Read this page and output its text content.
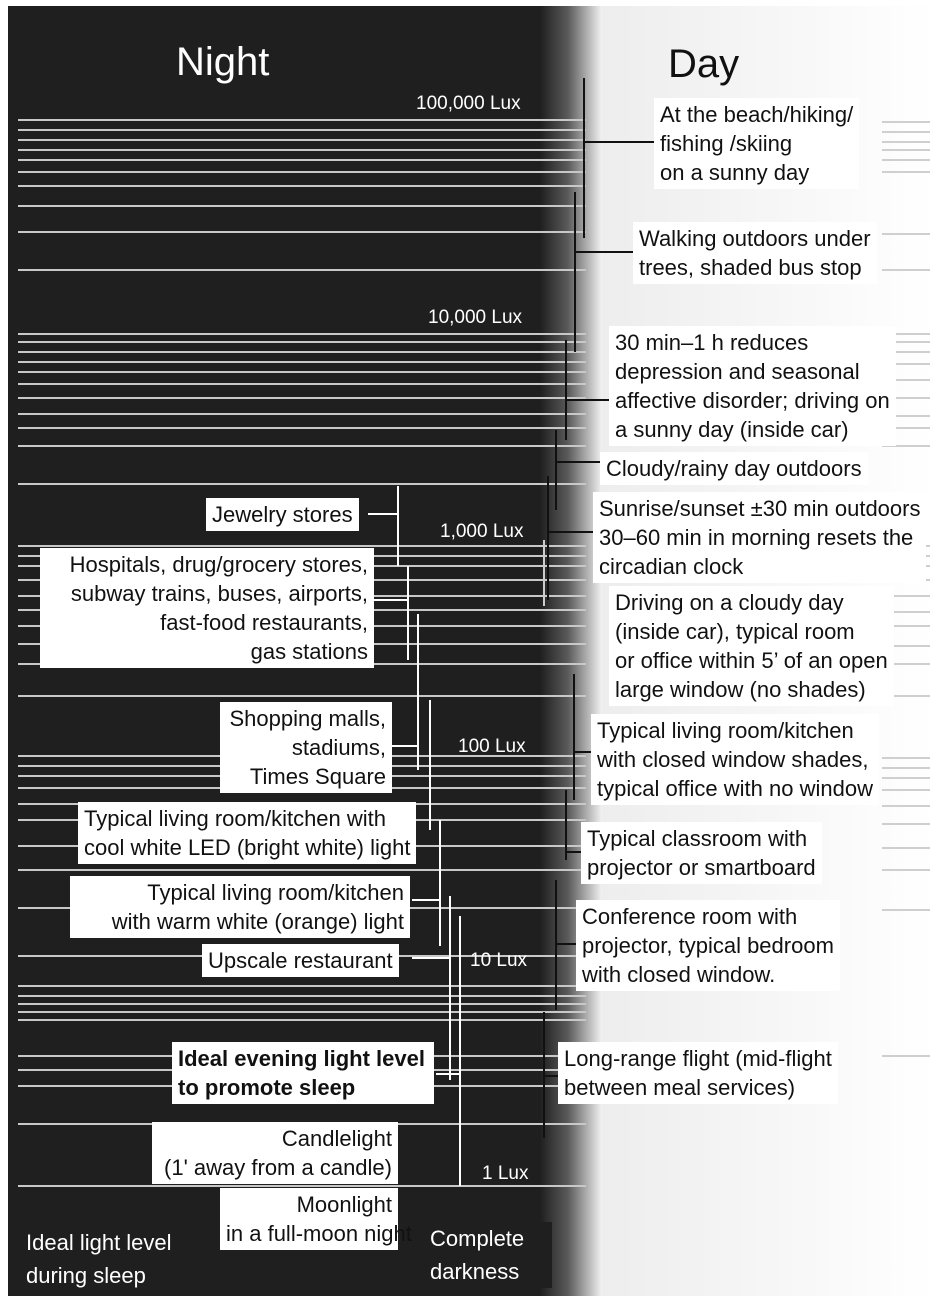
Night	Day
100,000 Lux
10,000 Lux
1,000 Lux
100 Lux
10 Lux
1 Lux
At the beach/hiking/
fishing /skiing
on a sunny day
Walking outdoors under
trees, shaded bus stop
30 min–1 h reduces
depression and seasonal
affective disorder; driving on
a sunny day (inside car)
Cloudy/rainy day outdoors
Sunrise/sunset ±30 min outdoors
30–60 min in morning resets the
circadian clock
Driving on a cloudy day
(inside car), typical room
or office within 5’ of an open
large window (no shades)
Typical living room/kitchen
with closed window shades,
typical office with no window
Typical classroom with
projector or smartboard
Conference room with
projector, typical bedroom
with closed window.
Long-range flight (mid-flight
between meal services)
Jewelry stores
Hospitals, drug/grocery stores,
subway trains, buses, airports,
fast-food restaurants,
gas stations
Shopping malls,
stadiums,
Times Square
Typical living room/kitchen with
cool white LED (bright white) light
Typical living room/kitchen
with warm white (orange) light
Upscale restaurant
Ideal evening light level
to promote sleep
Candlelight
(1' away from a candle)
Moonlight
in a full-moon night
Ideal light level
during sleep
Complete
darkness
